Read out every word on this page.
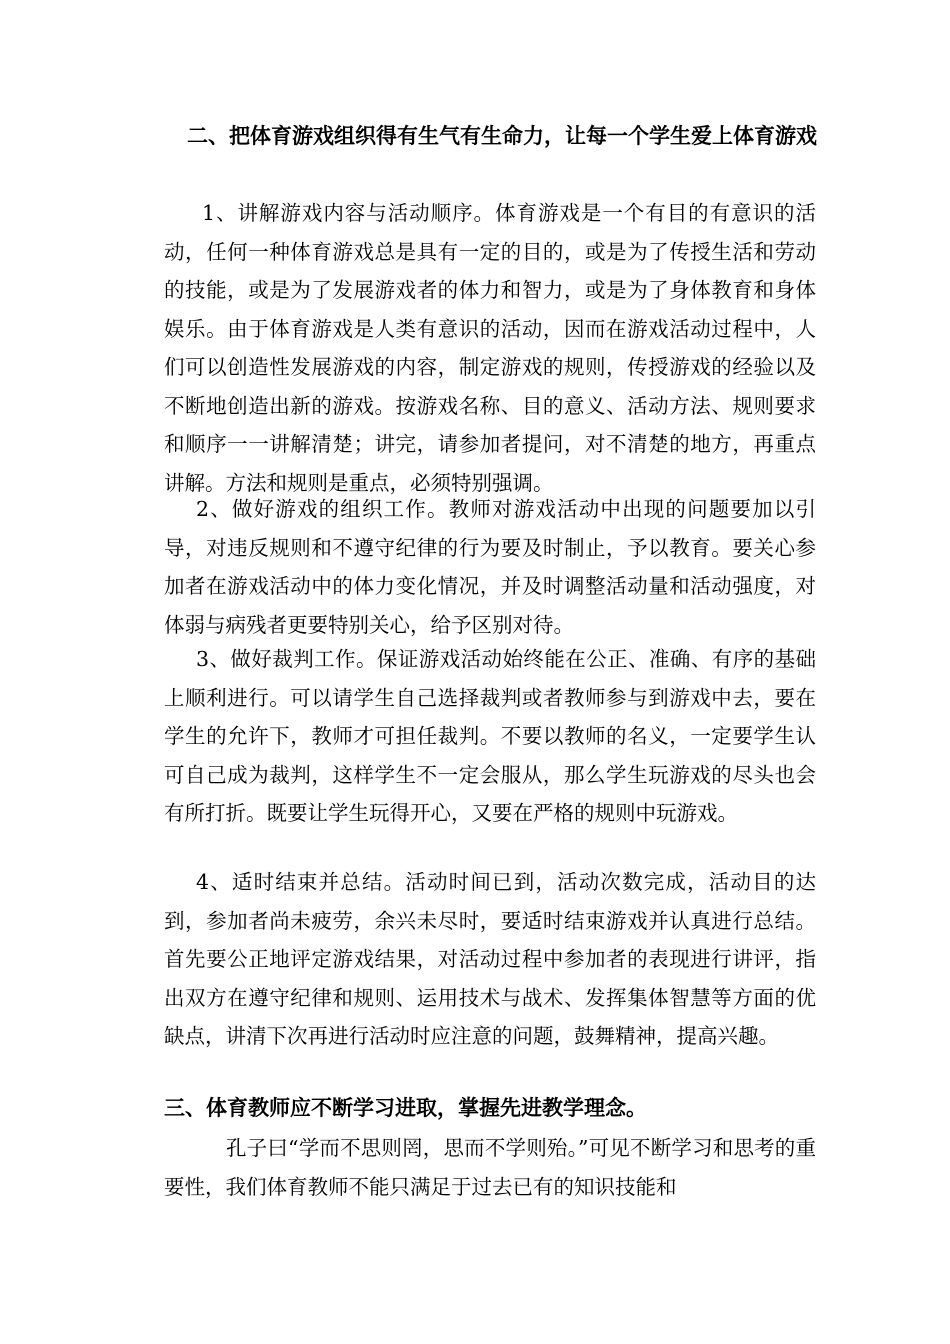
二、把体育游戏组织得有生气有生命力，让每一个学生爱上体育游戏

1、讲解游戏内容与活动顺序。体育游戏是一个有目的有意识的活动，任何一种体育游戏总是具有一定的目的，或是为了传授生活和劳动的技能，或是为了发展游戏者的体力和智力，或是为了身体教育和身体娱乐。由于体育游戏是人类有意识的活动，因而在游戏活动过程中，人们可以创造性发展游戏的内容，制定游戏的规则，传授游戏的经验以及不断地创造出新的游戏。按游戏名称、目的意义、活动方法、规则要求和顺序一一讲解清楚；讲完，请参加者提问，对不清楚的地方，再重点讲解。方法和规则是重点，必须特别强调。

2、做好游戏的组织工作。教师对游戏活动中出现的问题要加以引导，对违反规则和不遵守纪律的行为要及时制止，予以教育。要关心参加者在游戏活动中的体力变化情况，并及时调整活动量和活动强度，对体弱与病残者更要特别关心，给予区别对待。

3、做好裁判工作。保证游戏活动始终能在公正、准确、有序的基础上顺利进行。可以请学生自己选择裁判或者教师参与到游戏中去，要在学生的允许下，教师才可担任裁判。不要以教师的名义，一定要学生认可自己成为裁判，这样学生不一定会服从，那么学生玩游戏的尽头也会有所打折。既要让学生玩得开心，又要在严格的规则中玩游戏。

4、适时结束并总结。活动时间已到，活动次数完成，活动目的达到，参加者尚未疲劳，余兴未尽时，要适时结束游戏并认真进行总结。首先要公正地评定游戏结果，对活动过程中参加者的表现进行讲评，指出双方在遵守纪律和规则、运用技术与战术、发挥集体智慧等方面的优缺点，讲清下次再进行活动时应注意的问题，鼓舞精神，提高兴趣。

三、体育教师应不断学习进取，掌握先进教学理念。

孔子曰“学而不思则罔，思而不学则殆。”可见不断学习和思考的重要性，我们体育教师不能只满足于过去已有的知识技能和
